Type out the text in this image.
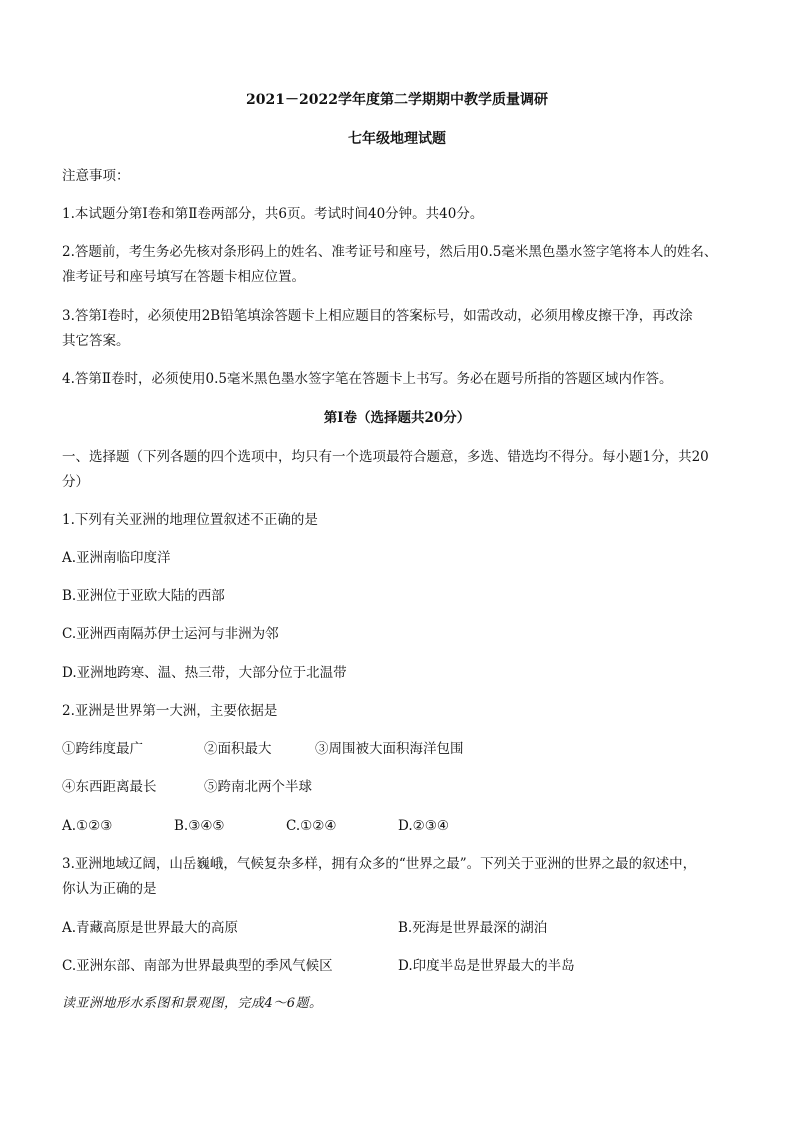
2021－2022学年度第二学期期中教学质量调研
七年级地理试题
注意事项：
1.本试题分第Ⅰ卷和第Ⅱ卷两部分，共6页。考试时间40分钟。共40分。
2.答题前，考生务必先核对条形码上的姓名、准考证号和座号，然后用0.5毫米黑色墨水签字笔将本人的姓名、
准考证号和座号填写在答题卡相应位置。
3.答第Ⅰ卷时，必须使用2B铅笔填涂答题卡上相应题目的答案标号，如需改动，必须用橡皮擦干净，再改涂
其它答案。
4.答第Ⅱ卷时，必须使用0.5毫米黑色墨水签字笔在答题卡上书写。务必在题号所指的答题区域内作答。
第Ⅰ卷（选择题共20分）
一、选择题（下列各题的四个选项中，均只有一个选项最符合题意，多选、错选均不得分。每小题1分，共20
分）
1.下列有关亚洲的地理位置叙述不正确的是
A.亚洲南临印度洋
B.亚洲位于亚欧大陆的西部
C.亚洲西南隔苏伊士运河与非洲为邻
D.亚洲地跨寒、温、热三带，大部分位于北温带
2.亚洲是世界第一大洲，主要依据是
①跨纬度最广	②面积最大	③周围被大面积海洋包围
④东西距离最长	⑤跨南北两个半球
A.①②③	B.③④⑤	C.①②④	D.②③④
3.亚洲地域辽阔，山岳巍峨，气候复杂多样，拥有众多的“世界之最”。下列关于亚洲的世界之最的叙述中，
你认为正确的是
A.青藏高原是世界最大的高原	B.死海是世界最深的湖泊
C.亚洲东部、南部为世界最典型的季风气候区	D.印度半岛是世界最大的半岛
读亚洲地形水系图和景观图，完成4～6题。
